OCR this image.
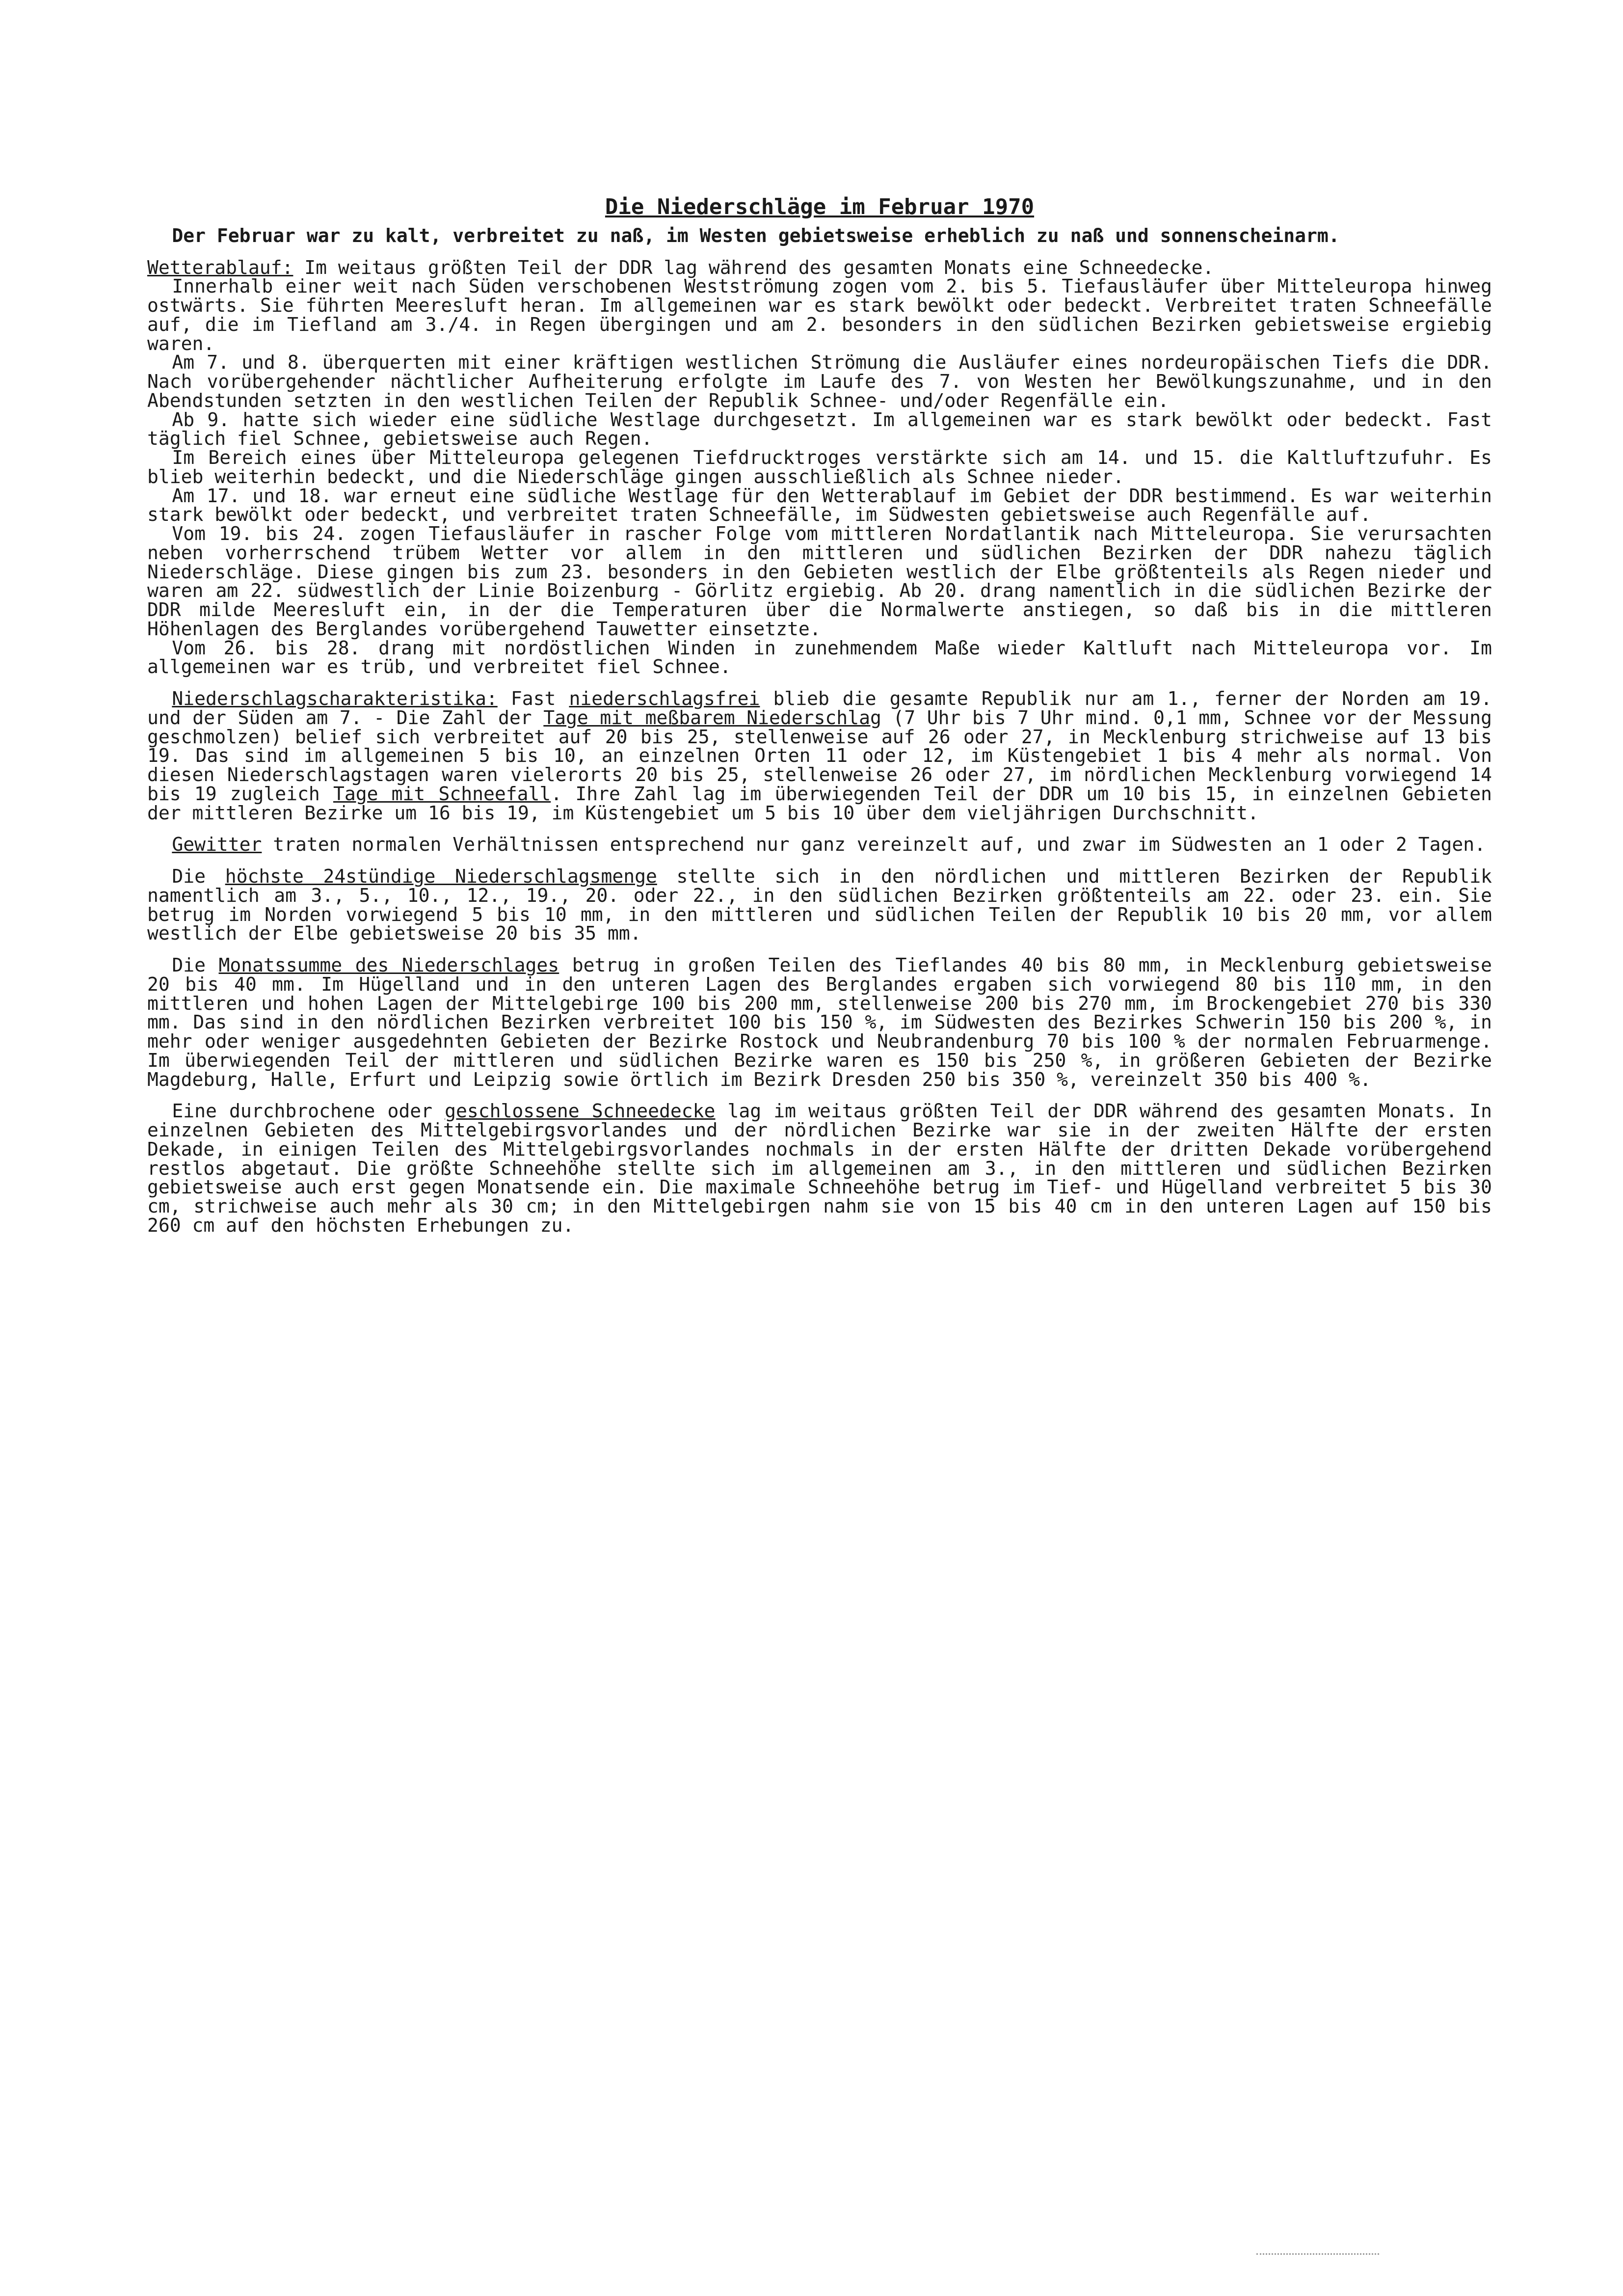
Die Niederschläge im Februar 1970

Der Februar war zu kalt, verbreitet zu naß, im Westen gebietsweise erheblich zu naß und sonnenscheinarm.

Wetterablauf: Im weitaus größten Teil der DDR lag während des gesamten Monats eine Schneedecke.

Innerhalb einer weit nach Süden verschobenen Westströmung zogen vom 2. bis 5. Tiefausläufer über Mitteleuropa hinweg ostwärts. Sie führten Meeresluft heran. Im allgemeinen war es stark bewölkt oder bedeckt. Verbreitet traten Schneefälle auf, die im Tiefland am 3./4. in Regen übergingen und am 2. besonders in den südlichen Bezirken gebietsweise ergiebig waren.

Am 7. und 8. überquerten mit einer kräftigen westlichen Strömung die Ausläufer eines nordeuropäischen Tiefs die DDR. Nach vorübergehender nächtlicher Aufheiterung erfolgte im Laufe des 7. von Westen her Bewölkungszunahme, und in den Abendstunden setzten in den westlichen Teilen der Republik Schnee- und/oder Regenfälle ein.

Ab 9. hatte sich wieder eine südliche Westlage durchgesetzt. Im allgemeinen war es stark bewölkt oder bedeckt. Fast täglich fiel Schnee, gebietsweise auch Regen.

Im Bereich eines über Mitteleuropa gelegenen Tiefdrucktroges verstärkte sich am 14. und 15. die Kaltluftzufuhr. Es blieb weiterhin bedeckt, und die Niederschläge gingen ausschließlich als Schnee nieder.

Am 17. und 18. war erneut eine südliche Westlage für den Wetterablauf im Gebiet der DDR bestimmend. Es war weiterhin stark bewölkt oder bedeckt, und verbreitet traten Schneefälle, im Südwesten gebietsweise auch Regenfälle auf.

Vom 19. bis 24. zogen Tiefausläufer in rascher Folge vom mittleren Nordatlantik nach Mitteleuropa. Sie verursachten neben vorherrschend trübem Wetter vor allem in den mittleren und südlichen Bezirken der DDR nahezu täglich Niederschläge. Diese gingen bis zum 23. besonders in den Gebieten westlich der Elbe größtenteils als Regen nieder und waren am 22. südwestlich der Linie Boizenburg - Görlitz ergiebig. Ab 20. drang namentlich in die südlichen Bezirke der DDR milde Meeresluft ein, in der die Temperaturen über die Normalwerte anstiegen, so daß bis in die mittleren Höhenlagen des Berglandes vorübergehend Tauwetter einsetzte.

Vom 26. bis 28. drang mit nordöstlichen Winden in zunehmendem Maße wieder Kaltluft nach Mitteleuropa vor. Im allgemeinen war es trüb, und verbreitet fiel Schnee.

Niederschlagscharakteristika: Fast niederschlagsfrei blieb die gesamte Republik nur am 1., ferner der Norden am 19. und der Süden am 7. - Die Zahl der Tage mit meßbarem Niederschlag (7 Uhr bis 7 Uhr mind. 0,1 mm, Schnee vor der Messung geschmolzen) belief sich verbreitet auf 20 bis 25, stellenweise auf 26 oder 27, in Mecklenburg strichweise auf 13 bis 19. Das sind im allgemeinen 5 bis 10, an einzelnen Orten 11 oder 12, im Küstengebiet 1 bis 4 mehr als normal. Von diesen Niederschlagstagen waren vielerorts 20 bis 25, stellenweise 26 oder 27, im nördlichen Mecklenburg vorwiegend 14 bis 19 zugleich Tage mit Schneefall. Ihre Zahl lag im überwiegenden Teil der DDR um 10 bis 15, in einzelnen Gebieten der mittleren Bezirke um 16 bis 19, im Küstengebiet um 5 bis 10 über dem vieljährigen Durchschnitt.

Gewitter traten normalen Verhältnissen entsprechend nur ganz vereinzelt auf, und zwar im Südwesten an 1 oder 2 Tagen.

Die höchste 24stündige Niederschlagsmenge stellte sich in den nördlichen und mittleren Bezirken der Republik namentlich am 3., 5., 10., 12., 19., 20. oder 22., in den südlichen Bezirken größtenteils am 22. oder 23. ein. Sie betrug im Norden vorwiegend 5 bis 10 mm, in den mittleren und südlichen Teilen der Republik 10 bis 20 mm, vor allem westlich der Elbe gebietsweise 20 bis 35 mm.

Die Monatssumme des Niederschlages betrug in großen Teilen des Tieflandes 40 bis 80 mm, in Mecklenburg gebietsweise 20 bis 40 mm. Im Hügelland und in den unteren Lagen des Berglandes ergaben sich vorwiegend 80 bis 110 mm, in den mittleren und hohen Lagen der Mittelgebirge 100 bis 200 mm, stellenweise 200 bis 270 mm, im Brockengebiet 270 bis 330 mm. Das sind in den nördlichen Bezirken verbreitet 100 bis 150 %, im Südwesten des Bezirkes Schwerin 150 bis 200 %, in mehr oder weniger ausgedehnten Gebieten der Bezirke Rostock und Neubrandenburg 70 bis 100 % der normalen Februarmenge. Im überwiegenden Teil der mittleren und südlichen Bezirke waren es 150 bis 250 %, in größeren Gebieten der Bezirke Magdeburg, Halle, Erfurt und Leipzig sowie örtlich im Bezirk Dresden 250 bis 350 %, vereinzelt 350 bis 400 %.

Eine durchbrochene oder geschlossene Schneedecke lag im weitaus größten Teil der DDR während des gesamten Monats. In einzelnen Gebieten des Mittelgebirgsvorlandes und der nördlichen Bezirke war sie in der zweiten Hälfte der ersten Dekade, in einigen Teilen des Mittelgebirgsvorlandes nochmals in der ersten Hälfte der dritten Dekade vorübergehend restlos abgetaut. Die größte Schneehöhe stellte sich im allgemeinen am 3., in den mittleren und südlichen Bezirken gebietsweise auch erst gegen Monatsende ein. Die maximale Schneehöhe betrug im Tief- und Hügelland verbreitet 5 bis 30 cm, strichweise auch mehr als 30 cm; in den Mittelgebirgen nahm sie von 15 bis 40 cm in den unteren Lagen auf 150 bis 260 cm auf den höchsten Erhebungen zu.
